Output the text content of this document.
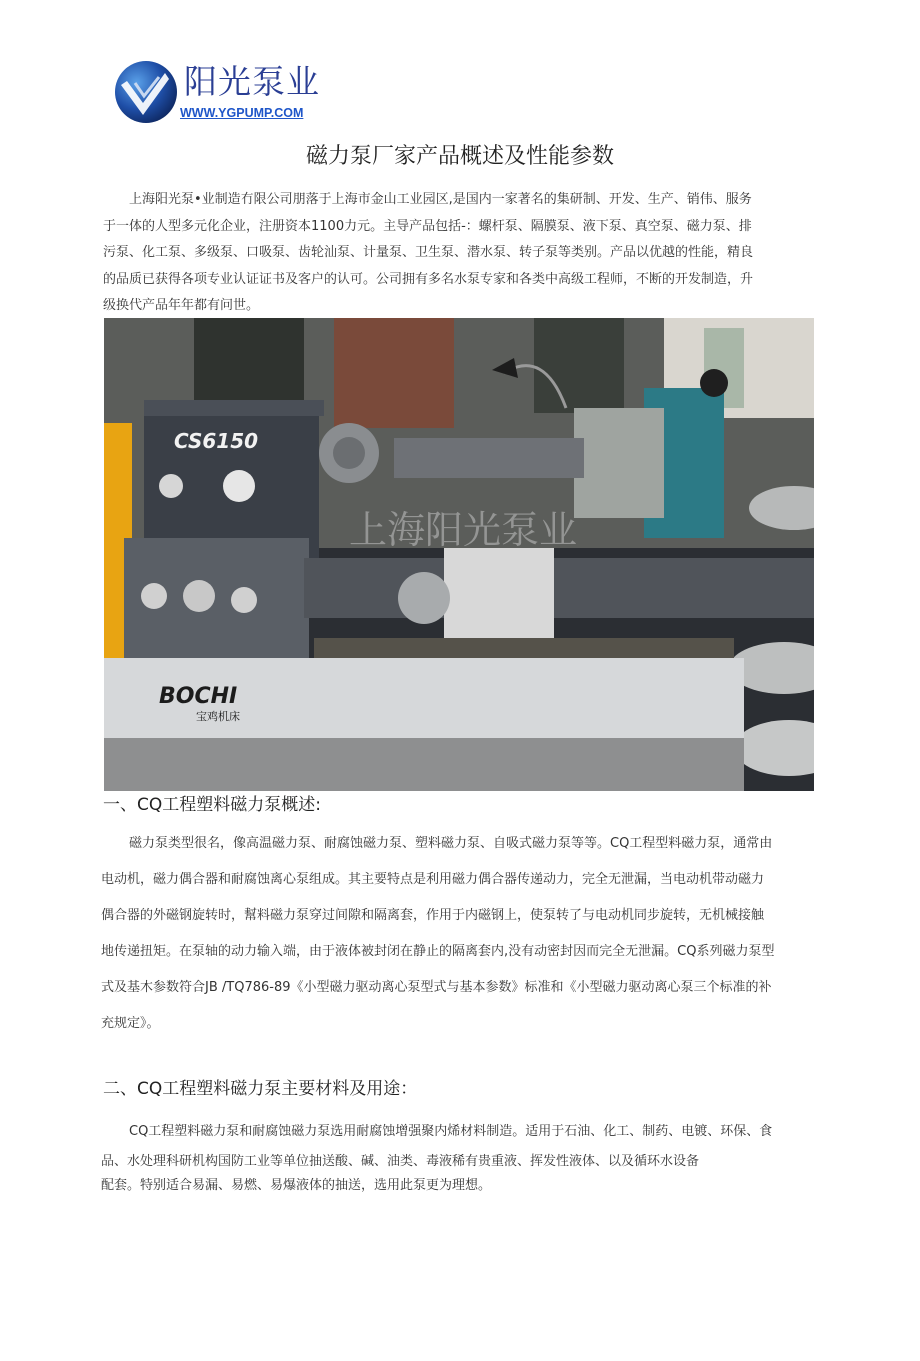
阳光泵业
WWW.YGPUMP.COM
磁力泵厂家产品概述及性能参数

上海阳光泵•业制造冇限公司朋落于上海市金山工业园区,是国内一家著名的集研制、开发、生产、销伟、服务于一体的人型多元化企业，注册资本1100力元。主导产品包括-：螺杆泵、隔膜泵、液下泵、真空泵、磁力泵、排污泵、化工泵、多级泵、口吸泵、齿轮汕泵、计量泵、卫生泵、潜水泵、转子泵等类别。产品以优越的性能，精良的品质已获得各项专业认证证书及客户的认可。公司拥有多名水泵专家和各类中高级工程师，不断的开发制造，升级换代产品年年都有问世。

CS6150
BOCHI
宝鸡机床
上海阳光泵业
一、CQ工程塑料磁力泵概述:

磁力泵类型很名，像高温磁力泵、耐腐蚀磁力泵、塑料磁力泵、自吸式磁力泵等等。CQ工程型料磁力泵，通常由电动机，磁力偶合器和耐腐蚀离心泵组成。其主要特点是利用磁力偶合器传递动力，完全无泄漏，当电动机带动磁力偶合器的外磁钢旋转时，幫料磁力泵穿过间隙和隔离套，作用于内磁钢上，使泵转了与电动机同步旋转，无机械接触地传递扭矩。在泵轴的动力输入端，由于液体被封闭在静止的隔离套内,没有动密封因而完全无泄漏。CQ系列磁力泵型式及基木参数符合JB /TQ786-89《小型磁力驱动离心泵型式与基本参数》标准和《小型磁力驱动离心泵三个标准的补充规定》。

二、CQ工程塑料磁力泵主要材料及用途：

CQ工程塑料磁力泵和耐腐蚀磁力泵选用耐腐蚀增强聚内烯材料制造。适用于石油、化工、制药、电镀、环保、食品、水处理科研机构国防工业等单位抽送酸、碱、油类、毒液稀有贵重液、挥发性液体、以及循环水设备
配套。特别适合易漏、易燃、易爆液体的抽送，选用此泵更为理想。
